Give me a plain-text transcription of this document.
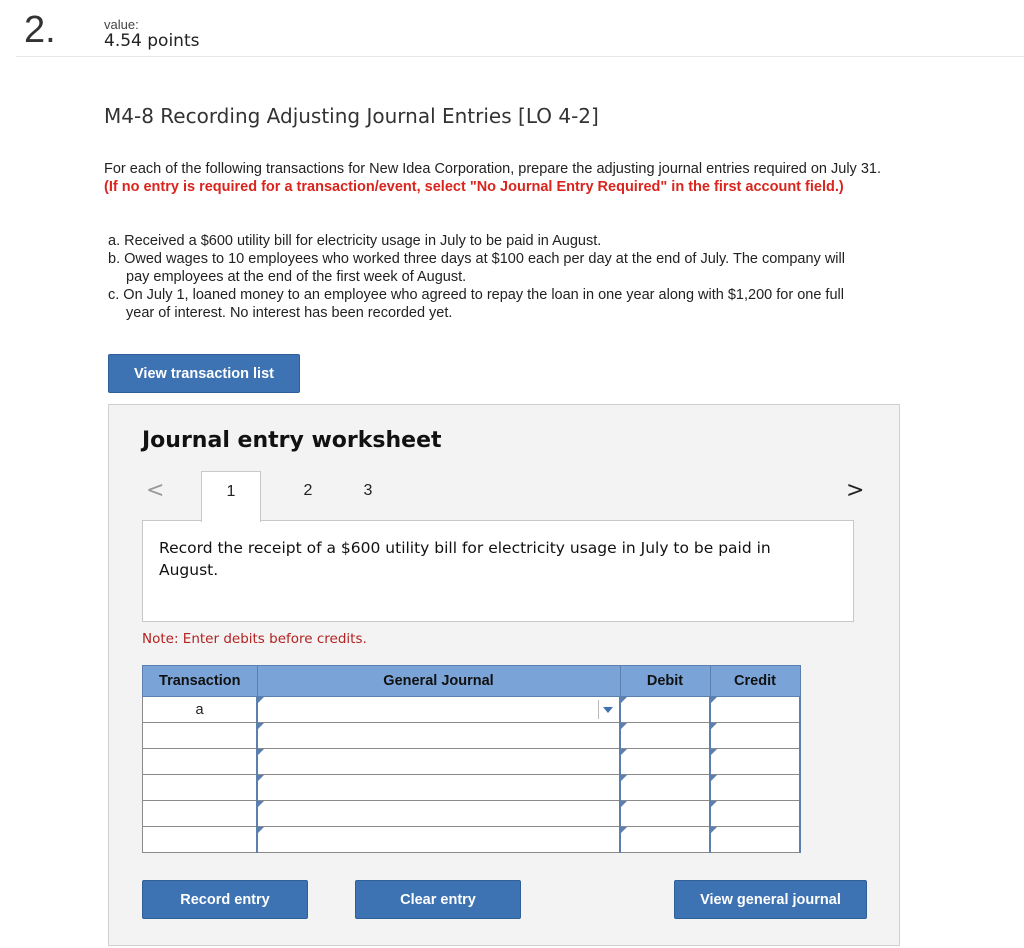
2.	value:
4.54 points
M4-8 Recording Adjusting Journal Entries [LO 4-2]
For each of the following transactions for New Idea Corporation, prepare the adjusting journal entries required on July 31. (If no entry is required for a transaction/event, select "No Journal Entry Required" in the first account field.)
a. Received a $600 utility bill for electricity usage in July to be paid in August.
b. Owed wages to 10 employees who worked three days at $100 each per day at the end of July. The company will pay employees at the end of the first week of August.
c. On July 1, loaned money to an employee who agreed to repay the loan in one year along with $1,200 for one full year of interest. No interest has been recorded yet.
View transaction list
Journal entry worksheet
<	>
1	2	3
Record the receipt of a $600 utility bill for electricity usage in July to be paid in August.
Note: Enter debits before credits.
Transaction	General Journal	Debit	Credit
a	

Record entry	Clear entry	View general journal
